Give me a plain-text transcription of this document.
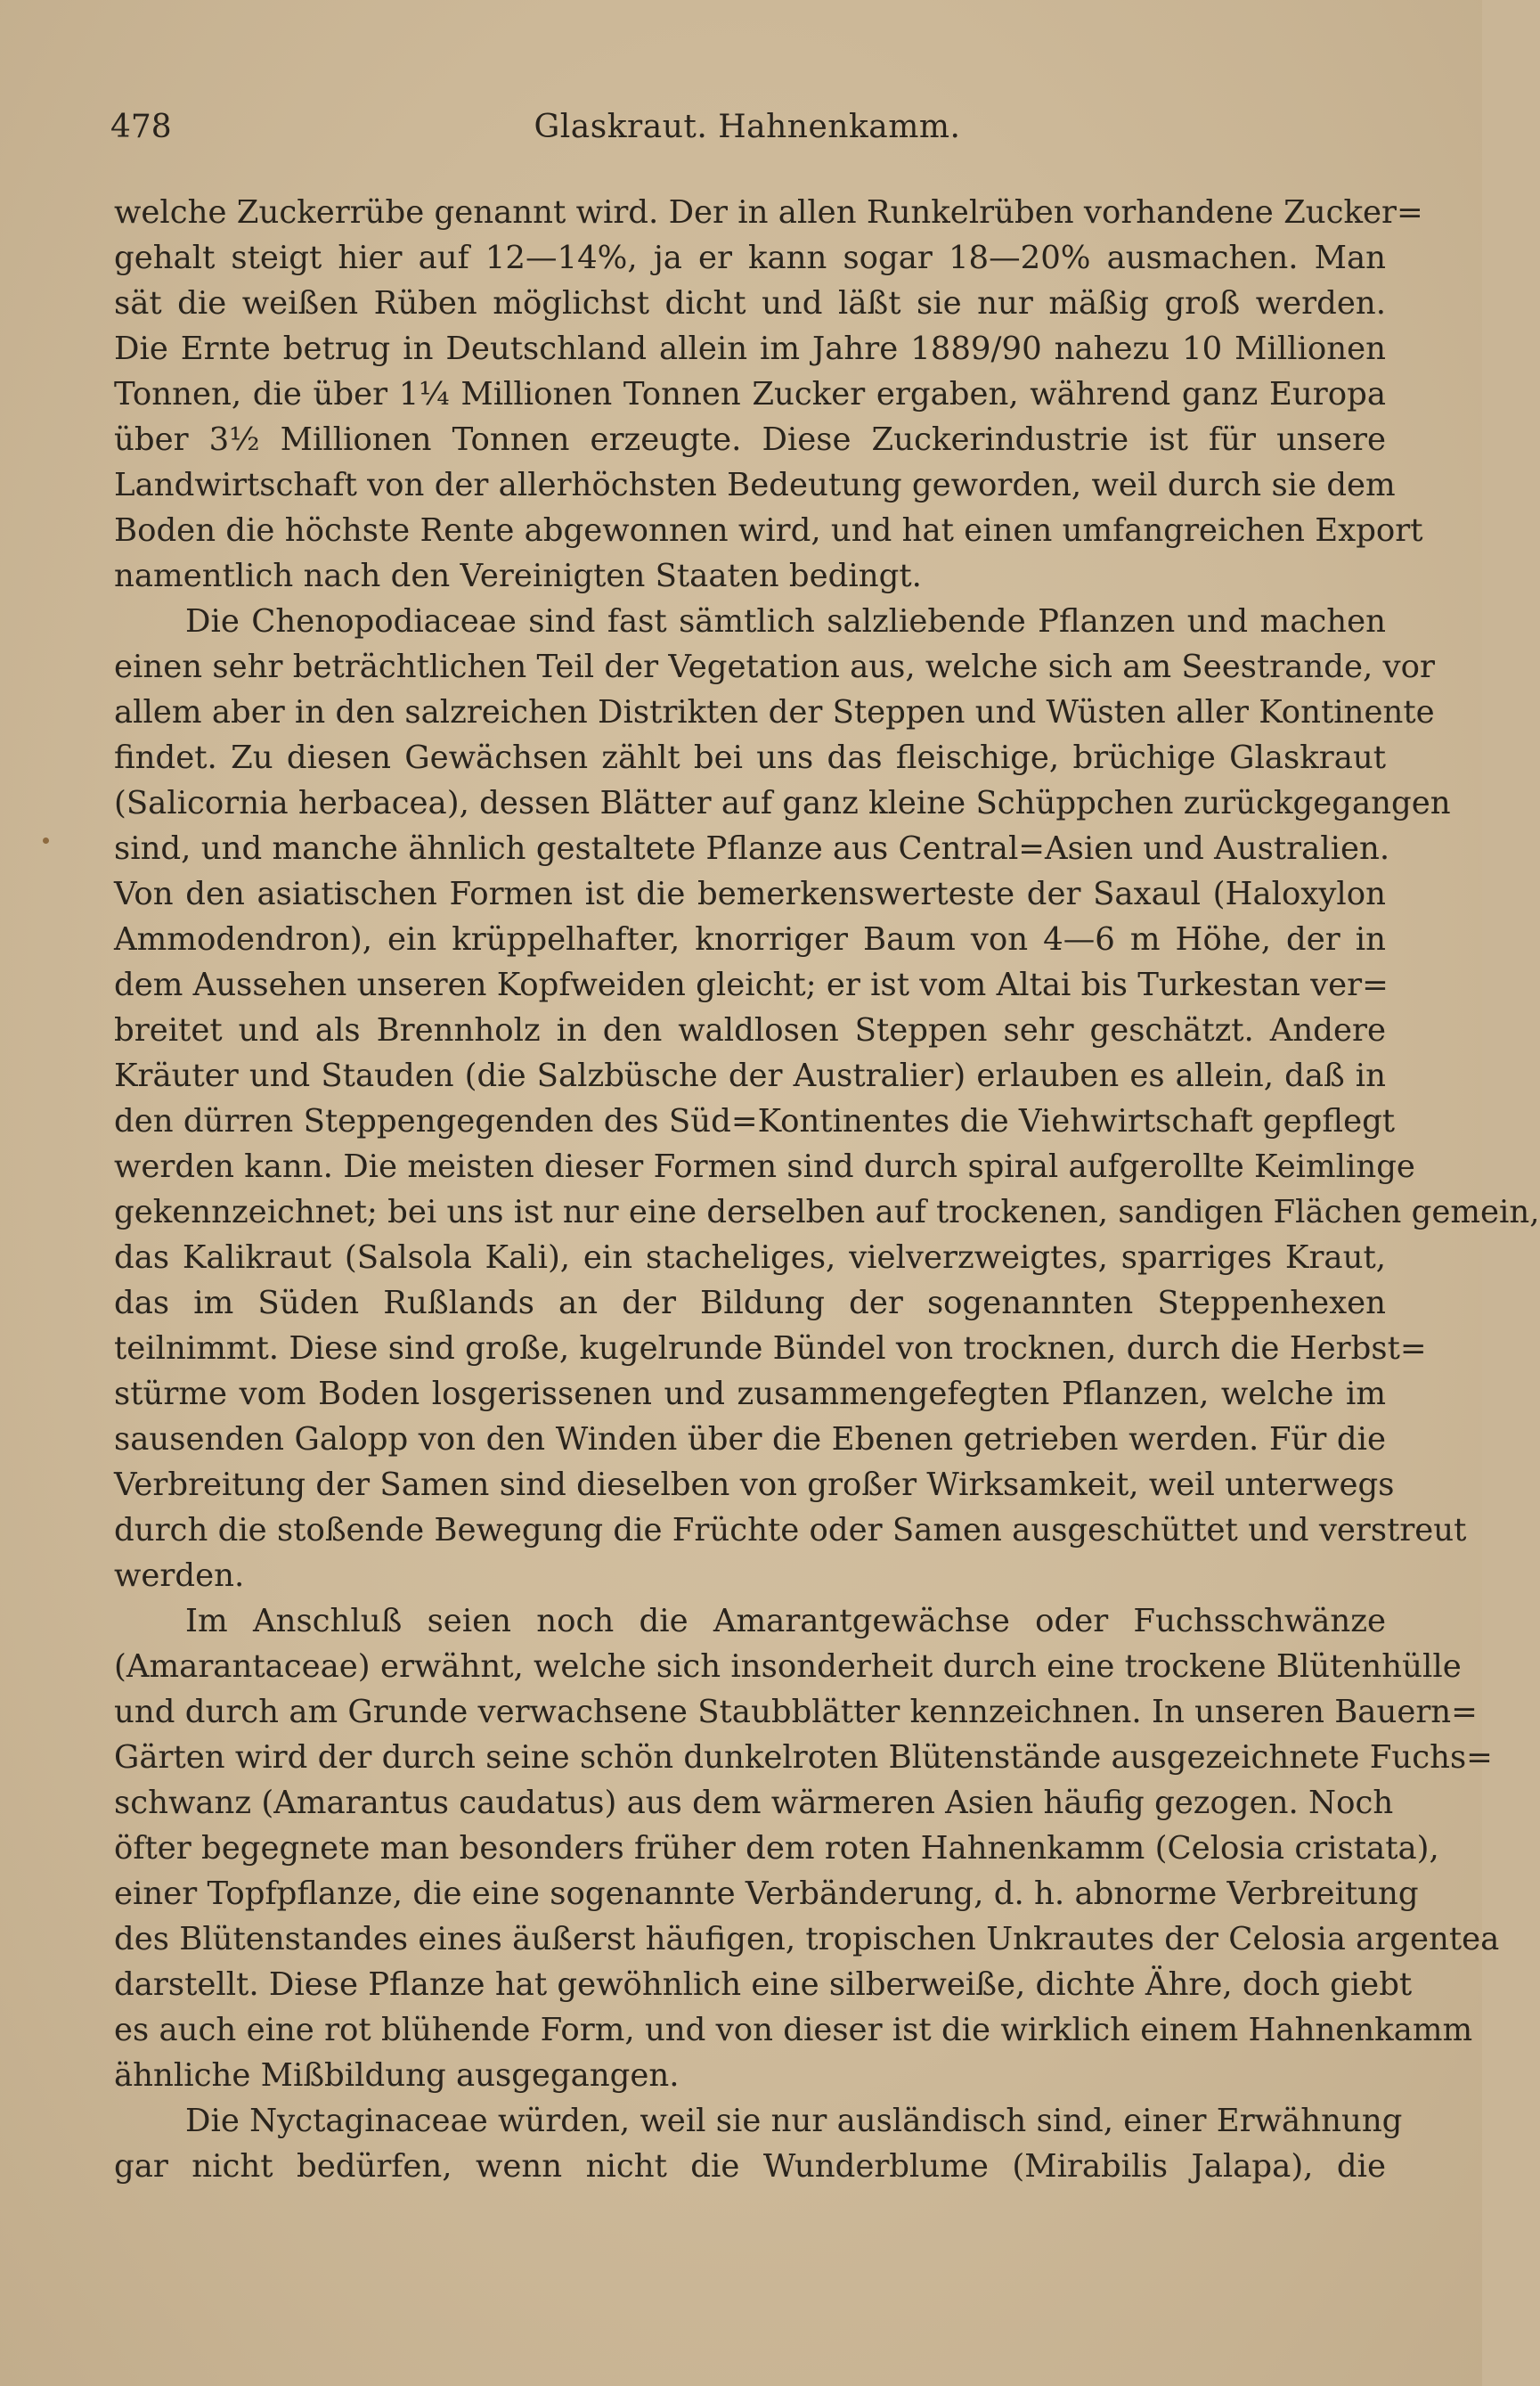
478	Glaskraut. Hahnenkamm.
welche Zuckerrübe genannt wird. Der in allen Runkelrüben vorhandene Zucker=
gehalt steigt hier auf 12—14%, ja er kann sogar 18—20% ausmachen. Man
sät die weißen Rüben möglichst dicht und läßt sie nur mäßig groß werden.
Die Ernte betrug in Deutschland allein im Jahre 1889/90 nahezu 10 Millionen
Tonnen, die über 1¼ Millionen Tonnen Zucker ergaben, während ganz Europa
über 3½ Millionen Tonnen erzeugte. Diese Zuckerindustrie ist für unsere
Landwirtschaft von der allerhöchsten Bedeutung geworden, weil durch sie dem
Boden die höchste Rente abgewonnen wird, und hat einen umfangreichen Export
namentlich nach den Vereinigten Staaten bedingt.
Die Chenopodiaceae sind fast sämtlich salzliebende Pflanzen und machen
einen sehr beträchtlichen Teil der Vegetation aus, welche sich am Seestrande, vor
allem aber in den salzreichen Distrikten der Steppen und Wüsten aller Kontinente
findet. Zu diesen Gewächsen zählt bei uns das fleischige, brüchige Glaskraut
(Salicornia herbacea), dessen Blätter auf ganz kleine Schüppchen zurückgegangen
sind, und manche ähnlich gestaltete Pflanze aus Central=Asien und Australien.
Von den asiatischen Formen ist die bemerkenswerteste der Saxaul (Haloxylon
Ammodendron), ein krüppelhafter, knorriger Baum von 4—6 m Höhe, der in
dem Aussehen unseren Kopfweiden gleicht; er ist vom Altai bis Turkestan ver=
breitet und als Brennholz in den waldlosen Steppen sehr geschätzt. Andere
Kräuter und Stauden (die Salzbüsche der Australier) erlauben es allein, daß in
den dürren Steppengegenden des Süd=Kontinentes die Viehwirtschaft gepflegt
werden kann. Die meisten dieser Formen sind durch spiral aufgerollte Keimlinge
gekennzeichnet; bei uns ist nur eine derselben auf trockenen, sandigen Flächen gemein,
das Kalikraut (Salsola Kali), ein stacheliges, vielverzweigtes, sparriges Kraut,
das im Süden Rußlands an der Bildung der sogenannten Steppenhexen
teilnimmt. Diese sind große, kugelrunde Bündel von trocknen, durch die Herbst=
stürme vom Boden losgerissenen und zusammengefegten Pflanzen, welche im
sausenden Galopp von den Winden über die Ebenen getrieben werden. Für die
Verbreitung der Samen sind dieselben von großer Wirksamkeit, weil unterwegs
durch die stoßende Bewegung die Früchte oder Samen ausgeschüttet und verstreut
werden.
Im Anschluß seien noch die Amarantgewächse oder Fuchsschwänze
(Amarantaceae) erwähnt, welche sich insonderheit durch eine trockene Blütenhülle
und durch am Grunde verwachsene Staubblätter kennzeichnen. In unseren Bauern=
Gärten wird der durch seine schön dunkelroten Blütenstände ausgezeichnete Fuchs=
schwanz (Amarantus caudatus) aus dem wärmeren Asien häufig gezogen. Noch
öfter begegnete man besonders früher dem roten Hahnenkamm (Celosia cristata),
einer Topfpflanze, die eine sogenannte Verbänderung, d. h. abnorme Verbreitung
des Blütenstandes eines äußerst häufigen, tropischen Unkrautes der Celosia argentea
darstellt. Diese Pflanze hat gewöhnlich eine silberweiße, dichte Ähre, doch giebt
es auch eine rot blühende Form, und von dieser ist die wirklich einem Hahnenkamm
ähnliche Mißbildung ausgegangen.
Die Nyctaginaceae würden, weil sie nur ausländisch sind, einer Erwähnung
gar nicht bedürfen, wenn nicht die Wunderblume (Mirabilis Jalapa), die
